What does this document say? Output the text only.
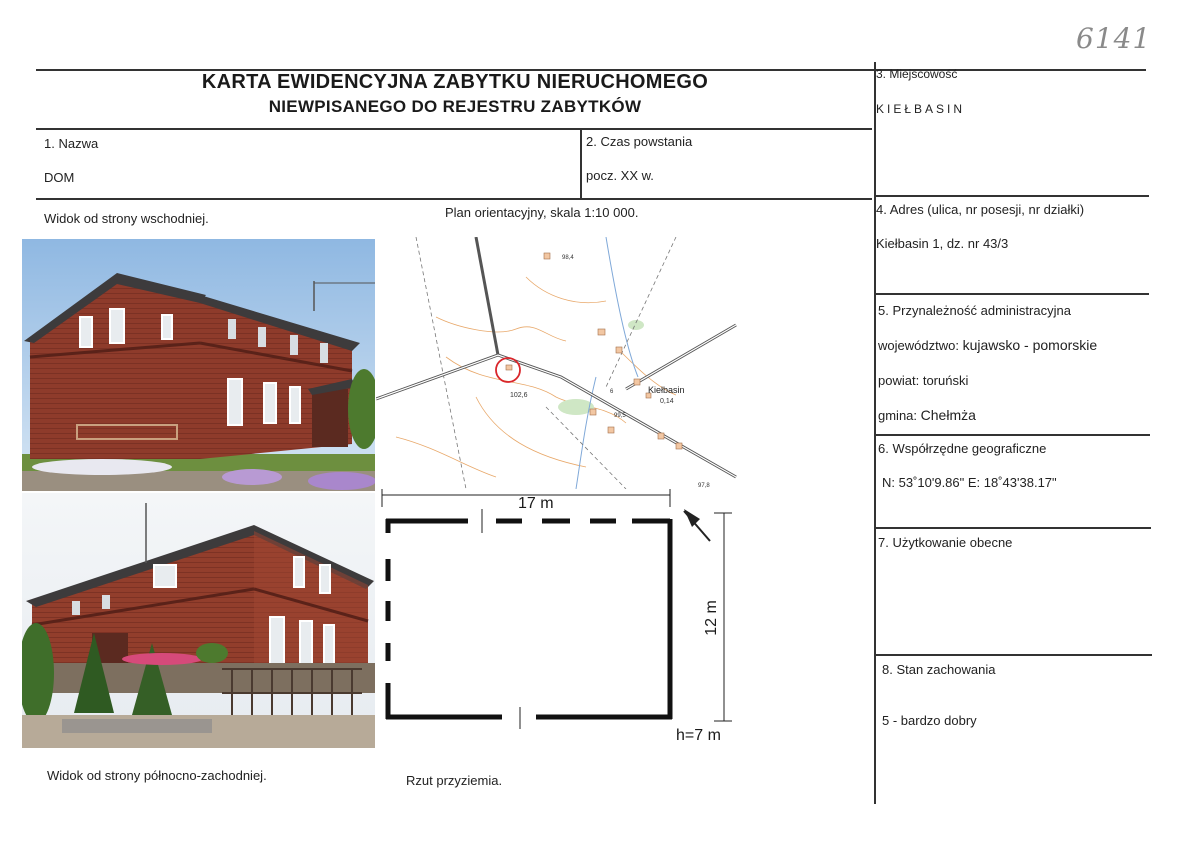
6141
KARTA EWIDENCYJNA ZABYTKU NIERUCHOMEGO
NIEWPISANEGO DO REJESTRU ZABYTKÓW
1. Nazwa
DOM
2. Czas powstania
pocz. XX w.
3. Miejscowość
KIEŁBASIN
4. Adres (ulica, nr posesji, nr działki)
Kiełbasin 1, dz. nr 43/3
5. Przynależność administracyjna
województwo: kujawsko - pomorskie
powiat: toruński
gmina: Chełmża
6. Współrzędne geograficzne
N: 53˚10'9.86" E: 18˚43'38.17"
7. Użytkowanie obecne
8. Stan zachowania
5 - bardzo dobry
Widok od strony wschodniej.	Plan orientacyjny, skala 1:10 000.
Widok od strony północno-zachodniej.	Rzut przyziemia.
98,4
102,6
99,5
97,8
6	Kiełbasin
0,14
17 m
12 m
h=7 m
